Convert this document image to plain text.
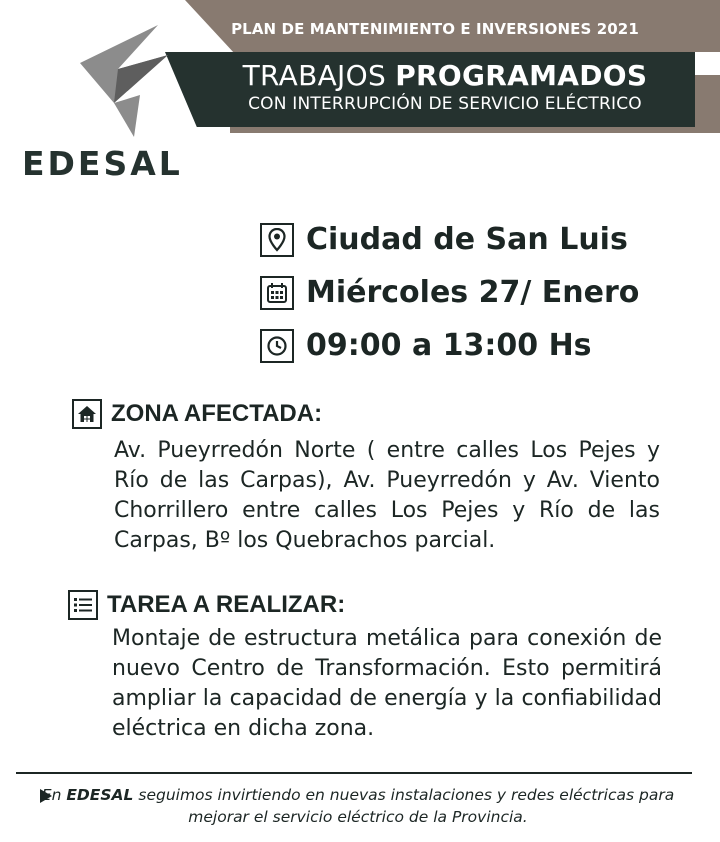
PLAN DE MANTENIMIENTO E INVERSIONES 2021
TRABAJOS PROGRAMADOS
CON INTERRUPCIÓN DE SERVICIO ELÉCTRICO
EDESAL
Ciudad de San Luis
Miércoles 27/ Enero
09:00 a 13:00 Hs
ZONA AFECTADA:
Av. Pueyrredón Norte ( entre calles Los Pejes y Río de las Carpas), Av. Pueyrredón y Av. Viento Chorrillero entre calles Los Pejes y Río de las Carpas, Bº los Quebrachos parcial.
TAREA A REALIZAR:
Montaje de estructura metálica para conexión de nuevo Centro de Transformación. Esto permitirá ampliar la capacidad de energía y la confiabilidad eléctrica en dicha zona.
En EDESAL seguimos invirtiendo en nuevas instalaciones y redes eléctricas para mejorar el servicio eléctrico de la Provincia.
